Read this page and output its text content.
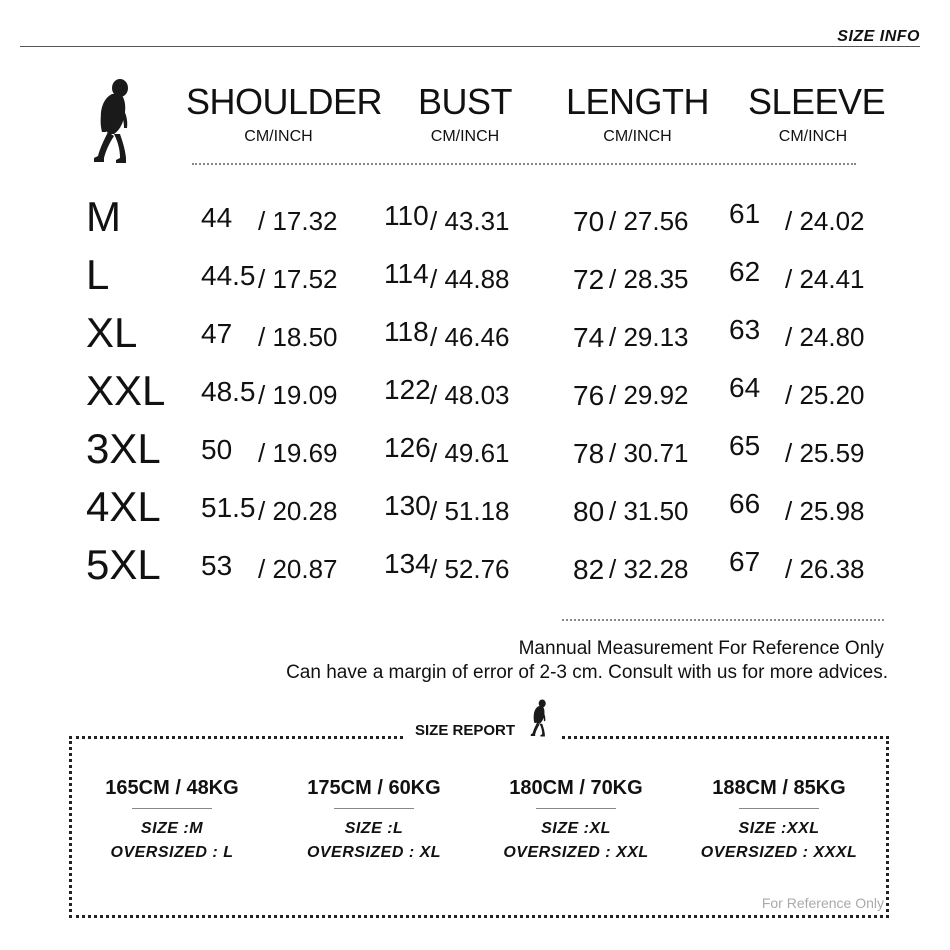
SIZE INFO
SHOULDER
CM/INCH
BUST
CM/INCH
LENGTH
CM/INCH
SLEEVE
CM/INCH
M	44 / 17.32 110 / 43.31 70 / 27.56 61 / 24.02
L	44.5 / 17.52 114 / 44.88 72 / 28.35 62 / 24.41
XL 47 / 18.50 118 / 46.46 74 / 29.13 63 / 24.80
XXL 48.5 / 19.09 122 / 48.03 76 / 29.92 64 / 25.20
3XL 50 / 19.69 126 / 49.61 78 / 30.71 65 / 25.59
4XL 51.5 / 20.28 130 / 51.18 80 / 31.50 66 / 25.98
5XL 53 / 20.87 134 / 52.76 82 / 32.28 67 / 26.38
Mannual Measurement For Reference Only
Can have a margin of error of 2-3 cm. Consult with us for more advices.
SIZE REPORT
165CM / 48KG
SIZE :M
OVERSIZED : L
175CM / 60KG
SIZE :L
OVERSIZED : XL
180CM / 70KG
SIZE :XL
OVERSIZED : XXL
188CM / 85KG
SIZE :XXL
OVERSIZED : XXXL
For Reference Only
